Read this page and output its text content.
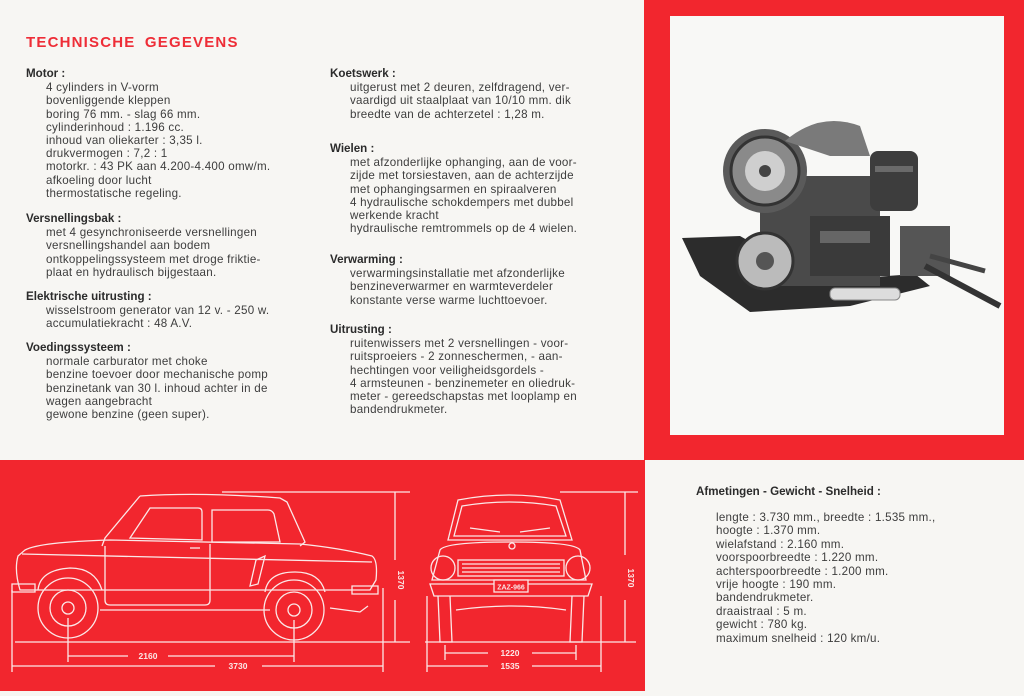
TECHNISCHE GEGEVENS
Motor :
4 cylinders in V-vorm
bovenliggende kleppen
boring 76 mm. - slag 66 mm.
cylinderinhoud : 1.196 cc.
inhoud van oliekarter : 3,35 l.
drukvermogen : 7,2 : 1
motorkr. : 43 PK aan 4.200-4.400 omw/m.
afkoeling door lucht
thermostatische regeling.
Versnellingsbak :
met 4 gesynchroniseerde versnellingen
versnellingshandel aan bodem
ontkoppelingssysteem met droge friktie-
plaat en hydraulisch bijgestaan.
Elektrische uitrusting :
wisselstroom generator van 12 v. - 250 w.
accumulatiekracht : 48 A.V.
Voedingssysteem :
normale carburator met choke
benzine toevoer door mechanische pomp
benzinetank van 30 l. inhoud achter in de
wagen aangebracht
gewone benzine (geen super).
Koetswerk :
uitgerust met 2 deuren, zelfdragend, ver-
vaardigd uit staalplaat van 10/10 mm. dik
breedte van de achterzetel : 1,28 m.
Wielen :
met afzonderlijke ophanging, aan de voor-
zijde met torsiestaven, aan de achterzijde
met ophangingsarmen en spiraalveren
4 hydraulische schokdempers met dubbel
werkende kracht
hydraulische remtrommels op de 4 wielen.
Verwarming :
verwarmingsinstallatie met afzonderlijke
benzineverwarmer en warmteverdeler
konstante verse warme luchttoevoer.
Uitrusting :
ruitenwissers met 2 versnellingen - voor-
ruitsproeiers - 2 zonneschermen, - aan-
hechtingen voor veiligheidsgordels -
4 armsteunen - benzinemeter en oliedruk-
meter - gereedschapstas met looplamp en
bandendrukmeter.
2160
3730
1370	ZAZ-966
1220
1535
1370
Afmetingen - Gewicht - Snelheid :
lengte : 3.730 mm., breedte : 1.535 mm.,
hoogte : 1.370 mm.
wielafstand : 2.160 mm.
voorspoorbreedte : 1.220 mm.
achterspoorbreedte : 1.200 mm.
vrije hoogte : 190 mm.
bandendrukmeter.
draaistraal : 5 m.
gewicht : 780 kg.
maximum snelheid : 120 km/u.
